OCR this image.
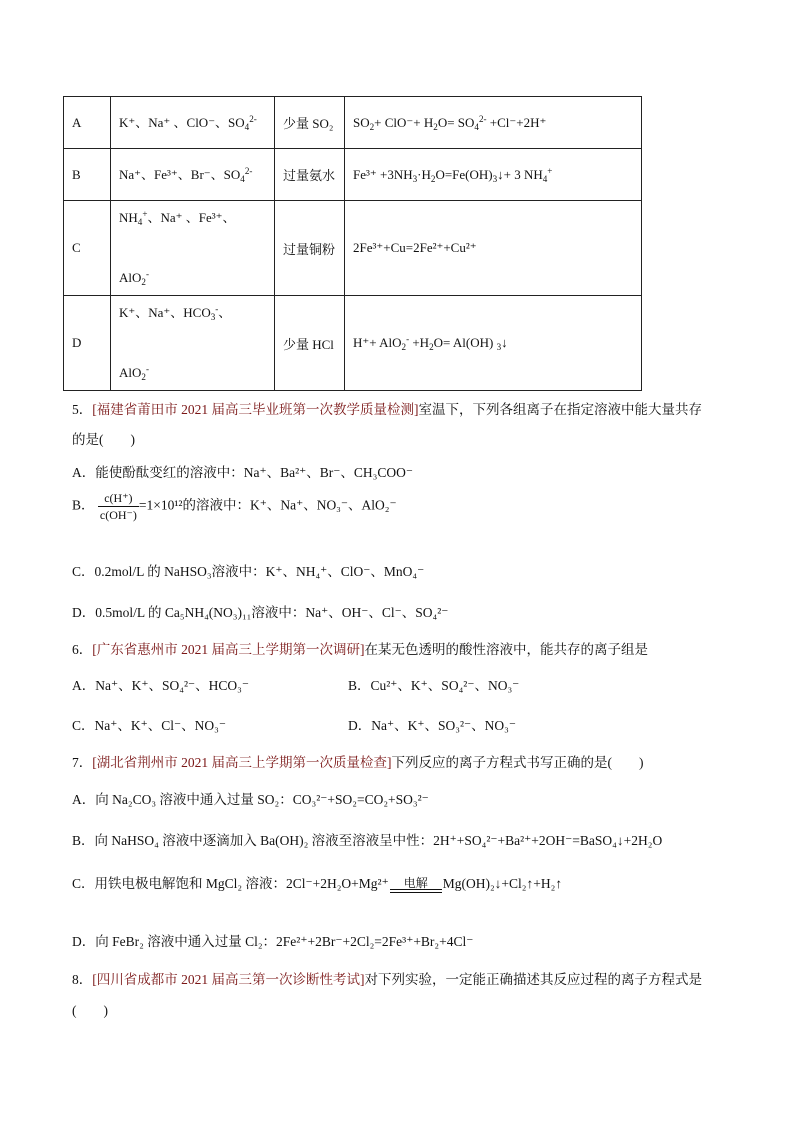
A	K⁺、Na⁺ 、ClO⁻、$SO_4^{2-}$	少量 SO₂	$SO_2+ ClO^-+ H_2O= SO_4^{2-} +Cl^-+2H^+$
B	Na⁺、Fe³⁺、Br⁻、$SO_4^{2-}$	过量氨水	$Fe^{3+} +3NH_3\cdot H_2O=Fe(OH)_3↓+ 3$ $NH_4^+$
C	$NH_4^+$、Na⁺ 、Fe³⁺、

AlO$_2$-	过量铜粉	2Fe³⁺+Cu=2Fe²⁺+Cu²⁺
D	K⁺、Na⁺、$HCO_3^-$、

AlO$_2$-	少量 HCl	$H^++ AlO_2^- +H_2O= Al(OH)$ $_3$↓
5．[福建省莆田市 2021 届高三毕业班第一次教学质量检测]室温下，下列各组离子在指定溶液中能大量共存
的是(　　)
A．能使酚酞变红的溶液中：Na⁺、Ba²⁺、Br⁻、CH₃COO⁻
B． $\frac{c(H^+)}{c(OH^-)} =1\times 10^{12}$的溶液中：K⁺、Na⁺、NO₃⁻、AlO₂⁻
C．0.2mol/L 的 NaHSO₃溶液中：K⁺、NH₄⁺、ClO⁻、MnO₄⁻
D．0.5mol/L 的 Ca₅NH₄(NO₃)₁₁溶液中：Na⁺、OH⁻、Cl⁻、SO₄²⁻
6．[广东省惠州市 2021 届高三上学期第一次调研]在某无色透明的酸性溶液中，能共存的离子组是
A．Na⁺、K⁺、SO₄²⁻、HCO₃⁻	B．Cu²⁺、K⁺、SO₄²⁻、NO₃⁻
C．Na⁺、K⁺、Cl⁻、NO₃⁻	D．Na⁺、K⁺、SO₃²⁻、NO₃⁻
7．[湖北省荆州市 2021 届高三上学期第一次质量检查]下列反应的离子方程式书写正确的是(　　)
A．向 Na₂CO₃ 溶液中通入过量 SO₂：CO₃²⁻+SO₂=CO₂+SO₃²⁻
B．向 NaHSO₄ 溶液中逐滴加入 Ba(OH)₂ 溶液至溶液呈中性：2H⁺+SO₄²⁻+Ba²⁺+2OH⁻=BaSO₄↓+2H₂O
C．用铁电极电解饱和 MgCl₂ 溶液：2Cl⁻+2H₂O+Mg²⁺	电解	Mg(OH)₂↓+Cl₂↑+H₂↑
D．向 FeBr₂ 溶液中通入过量 Cl₂：2Fe²⁺+2Br⁻+2Cl₂=2Fe³⁺+Br₂+4Cl⁻
8．[四川省成都市 2021 届高三第一次诊断性考试]对下列实验，一定能正确描述其反应过程的离子方程式是
(　　)
